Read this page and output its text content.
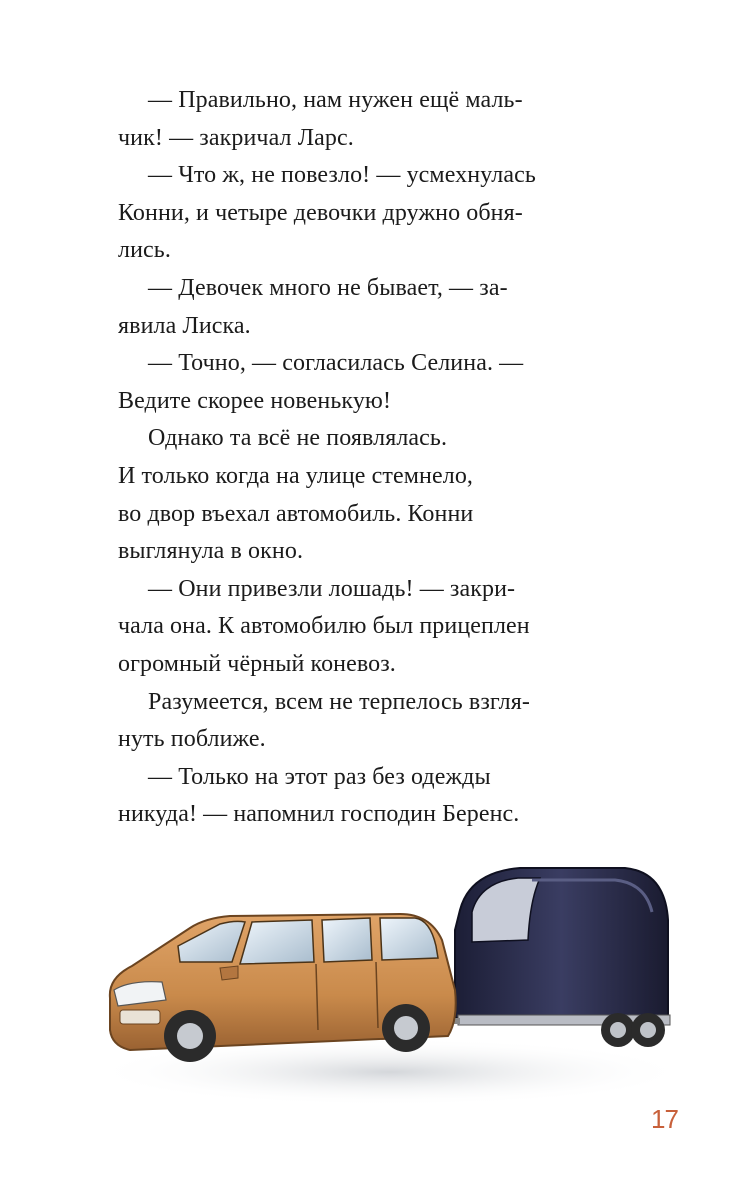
— Правильно, нам нужен ещё маль-
чик! — закричал Ларс.
— Что ж, не повезло! — усмехнулась
Конни, и четыре девочки дружно обня-
лись.
— Девочек много не бывает, — за-
явила Лиска.
— Точно, — согласилась Селина. —
Ведите скорее новенькую!
Однако та всё не появлялась.
И только когда на улице стемнело,
во двор въехал автомобиль. Конни
выглянула в окно.
— Они привезли лошадь! — закри-
чала она. К автомобилю был прицеплен
огромный чёрный коневоз.
Разумеется, всем не терпелось взгля-
нуть поближе.
— Только на этот раз без одежды
никуда! — напомнил господин Беренс.
17
